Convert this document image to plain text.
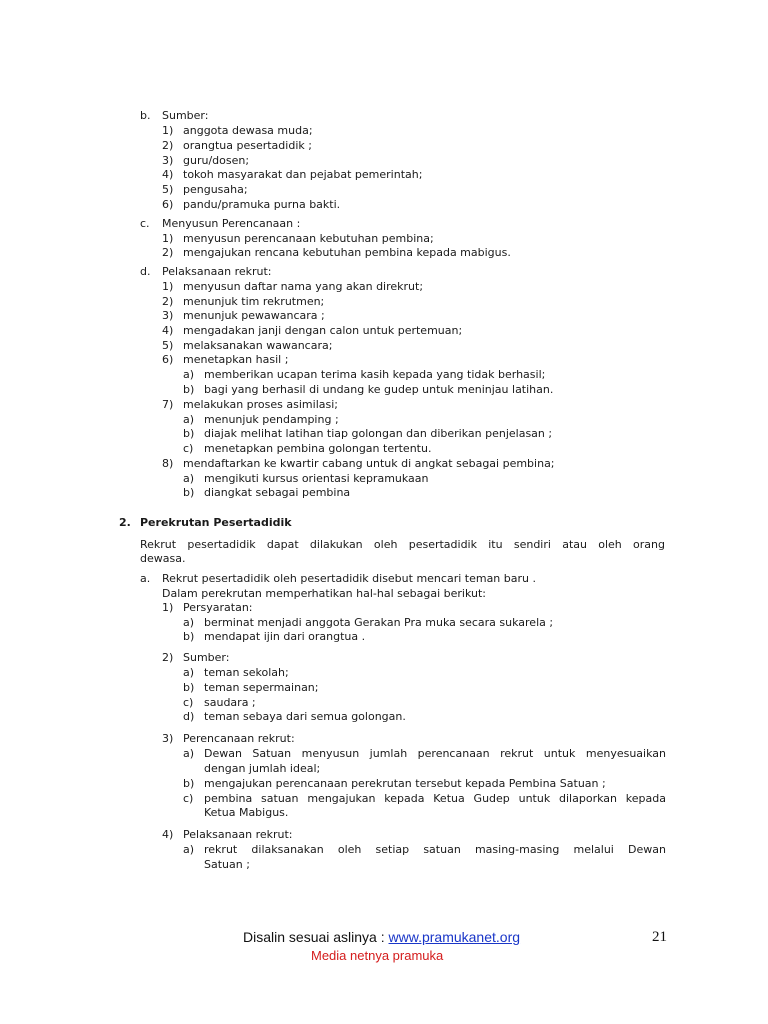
b. Sumber:
1) anggota dewasa muda;
2) orangtua pesertadidik ;
3) guru/dosen;
4) tokoh masyarakat dan pejabat pemerintah;
5) pengusaha;
6) pandu/pramuka purna bakti.
c. Menyusun Perencanaan :
1) menyusun perencanaan kebutuhan pembina;
2) mengajukan rencana kebutuhan pembina kepada mabigus.
d. Pelaksanaan rekrut:
1) menyusun daftar nama yang akan direkrut;
2) menunjuk tim rekrutmen;
3) menunjuk pewawancara ;
4) mengadakan janji dengan calon untuk pertemuan;
5) melaksanakan wawancara;
6) menetapkan hasil ;
a) memberikan ucapan terima kasih kepada yang tidak berhasil;
b) bagi yang berhasil di undang ke gudep untuk meninjau latihan.
7) melakukan proses asimilasi;
a) menunjuk pendamping ;
b) diajak melihat latihan tiap golongan dan diberikan penjelasan ;
c) menetapkan pembina golongan tertentu.
8) mendaftarkan ke kwartir cabang untuk di angkat sebagai pembina;
a) mengikuti kursus orientasi kepramukaan
b) diangkat sebagai pembina
2. Perekrutan Pesertadidik
Rekrut pesertadidik dapat dilakukan oleh pesertadidik itu sendiri atau oleh orang
dewasa.
a. Rekrut pesertadidik oleh pesertadidik disebut mencari teman baru .
Dalam perekrutan memperhatikan hal-hal sebagai berikut:
1) Persyaratan:
a) berminat menjadi anggota Gerakan Pra muka secara sukarela ;
b) mendapat ijin dari orangtua .
2) Sumber:
a) teman sekolah;
b) teman sepermainan;
c) saudara ;
d) teman sebaya dari semua golongan.
3) Perencanaan rekrut:
a) Dewan Satuan menyusun jumlah perencanaan rekrut untuk menyesuaikan
dengan jumlah ideal;
b) mengajukan perencanaan perekrutan tersebut kepada Pembina Satuan ;
c) pembina satuan mengajukan kepada Ketua Gudep untuk dilaporkan kepada
Ketua Mabigus.
4) Pelaksanaan rekrut:
a) rekrut dilaksanakan oleh setiap satuan masing-masing melalui Dewan
Satuan ;
Disalin sesuai aslinya : www.pramukanet.org
Media netnya pramuka
21
